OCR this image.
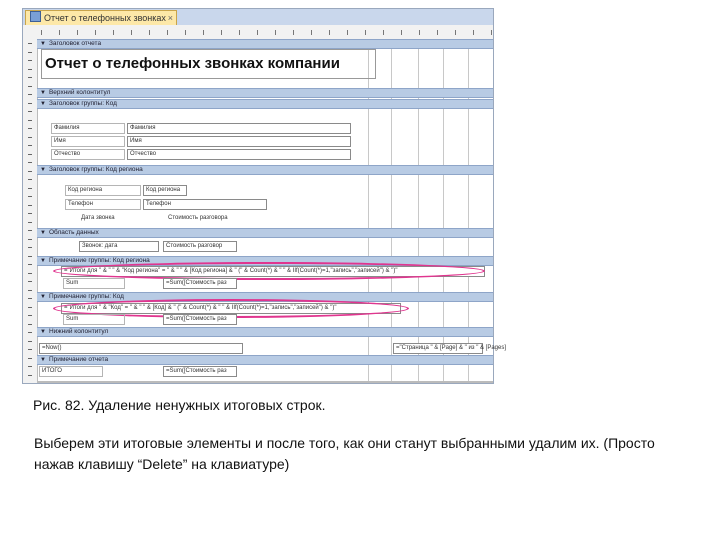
Отчет о телефонных звонках ×
▼ Заголовок отчета
Отчет о телефонных звонках компании
▼ Верхний колонтитул
▼ Заголовок группы: Код
Фамилия	Фамилия
Имя	Имя
Отчество	Отчество
▼ Заголовок группы: Код региона
Код региона	Код региона
Телефон	Телефон
Дата звонка	Стоимость разговора
▼ Область данных
Звонок: дата	Стоимость разговор
▼ Примечание группы: Код региона
="Итоги для " & " " & "Код региона" = " & " " & [Код региона] & " (" & Count(*) & " " & IIf(Count(*)=1,"запись","записей") & ")"
Sum	=Sum([Стоимость раз
▼ Примечание группы: Код
="Итоги для " & "Код" = " & " " & [Код] & " (" & Count(*) & " " & IIf(Count(*)=1,"запись","записей") & ")"
Sum	=Sum([Стоимость раз
▼ Нижний колонтитул
=Now()	="Страница " & [Page] & " из " & [Pages]
▼ Примечание отчета
ИТОГО	=Sum([Стоимость раз
Рис. 82. Удаление ненужных итоговых строк.
Выберем эти итоговые элементы и после того, как они станут выбранными удалим их. (Просто нажав клавишу “Delete” на клавиатуре)
